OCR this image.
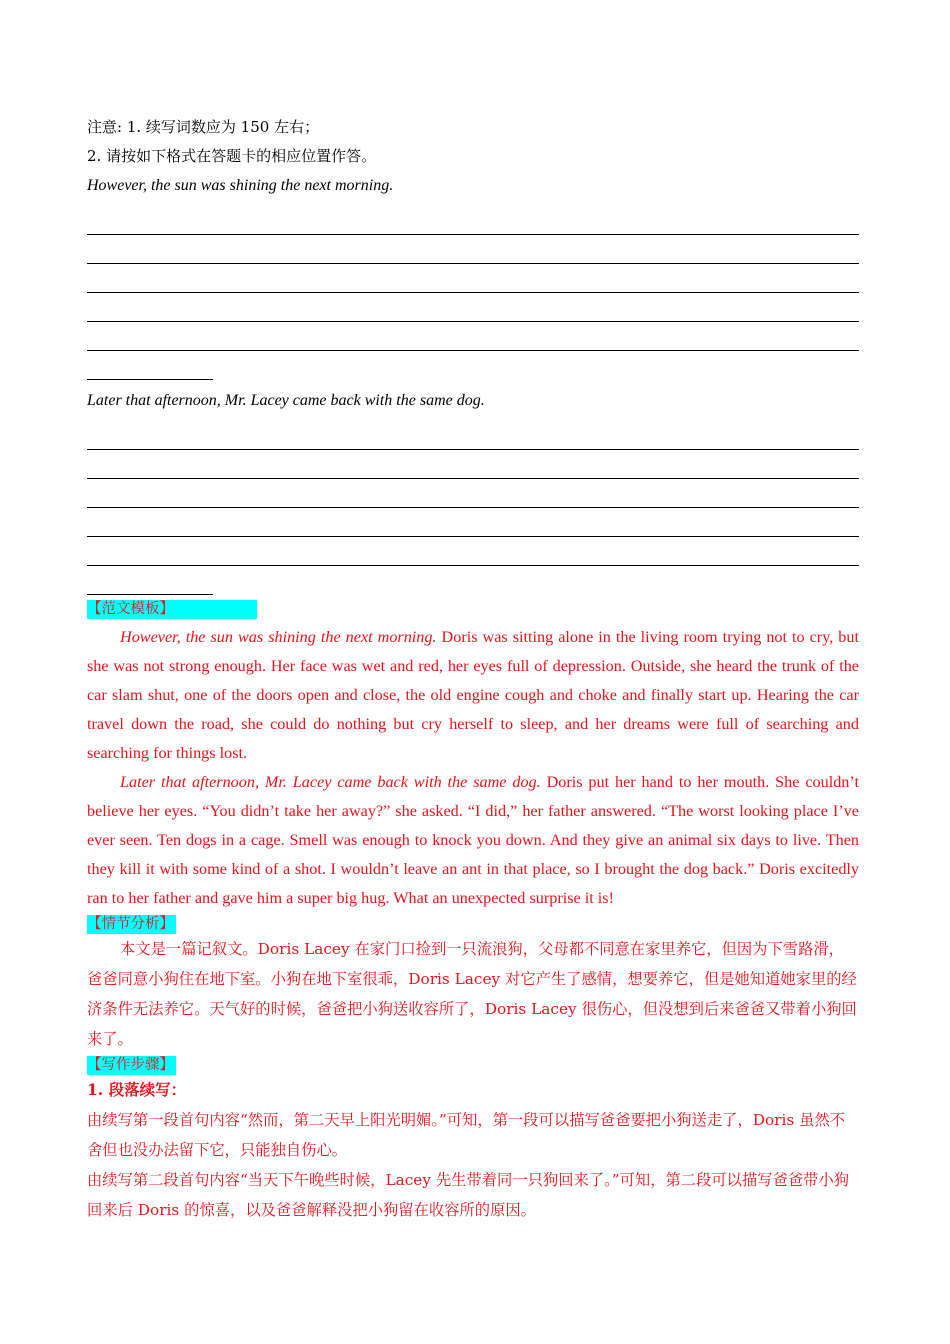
注意: 1. 续写词数应为 150 左右；
2. 请按如下格式在答题卡的相应位置作答。
However, the sun was shining the next morning.
Later that afternoon, Mr. Lacey came back with the same dog.
【范文模板】

However, the sun was shining the next morning. Doris was sitting alone in the living room trying not to cry, but she was not strong enough. Her face was wet and red, her eyes full of depression. Outside, she heard the trunk of the car slam shut, one of the doors open and close, the old engine cough and choke and finally start up. Hearing the car travel down the road, she could do nothing but cry herself to sleep, and her dreams were full of searching and searching for things lost.

Later that afternoon, Mr. Lacey came back with the same dog. Doris put her hand to her mouth. She couldn’t believe her eyes. “You didn’t take her away?” she asked. “I did,” her father answered. “The worst looking place I’ve ever seen. Ten dogs in a cage. Smell was enough to knock you down. And they give an animal six days to live. Then they kill it with some kind of a shot. I wouldn’t leave an ant in that place, so I brought the dog back.” Doris excitedly ran to her father and gave him a super big hug. What an unexpected surprise it is!

【情节分析】

本文是一篇记叙文。Doris Lacey 在家门口捡到一只流浪狗，父母都不同意在家里养它，但因为下雪路滑，爸爸同意小狗住在地下室。小狗在地下室很乖，Doris Lacey 对它产生了感情，想要养它，但是她知道她家里的经济条件无法养它。天气好的时候，爸爸把小狗送收容所了，Doris Lacey 很伤心，但没想到后来爸爸又带着小狗回来了。

【写作步骤】
1. 段落续写：

由续写第一段首句内容“然而，第二天早上阳光明媚。”可知，第一段可以描写爸爸要把小狗送走了，Doris 虽然不舍但也没办法留下它，只能独自伤心。

由续写第二段首句内容“当天下午晚些时候，Lacey 先生带着同一只狗回来了。”可知，第二段可以描写爸爸带小狗回来后 Doris 的惊喜，以及爸爸解释没把小狗留在收容所的原因。
